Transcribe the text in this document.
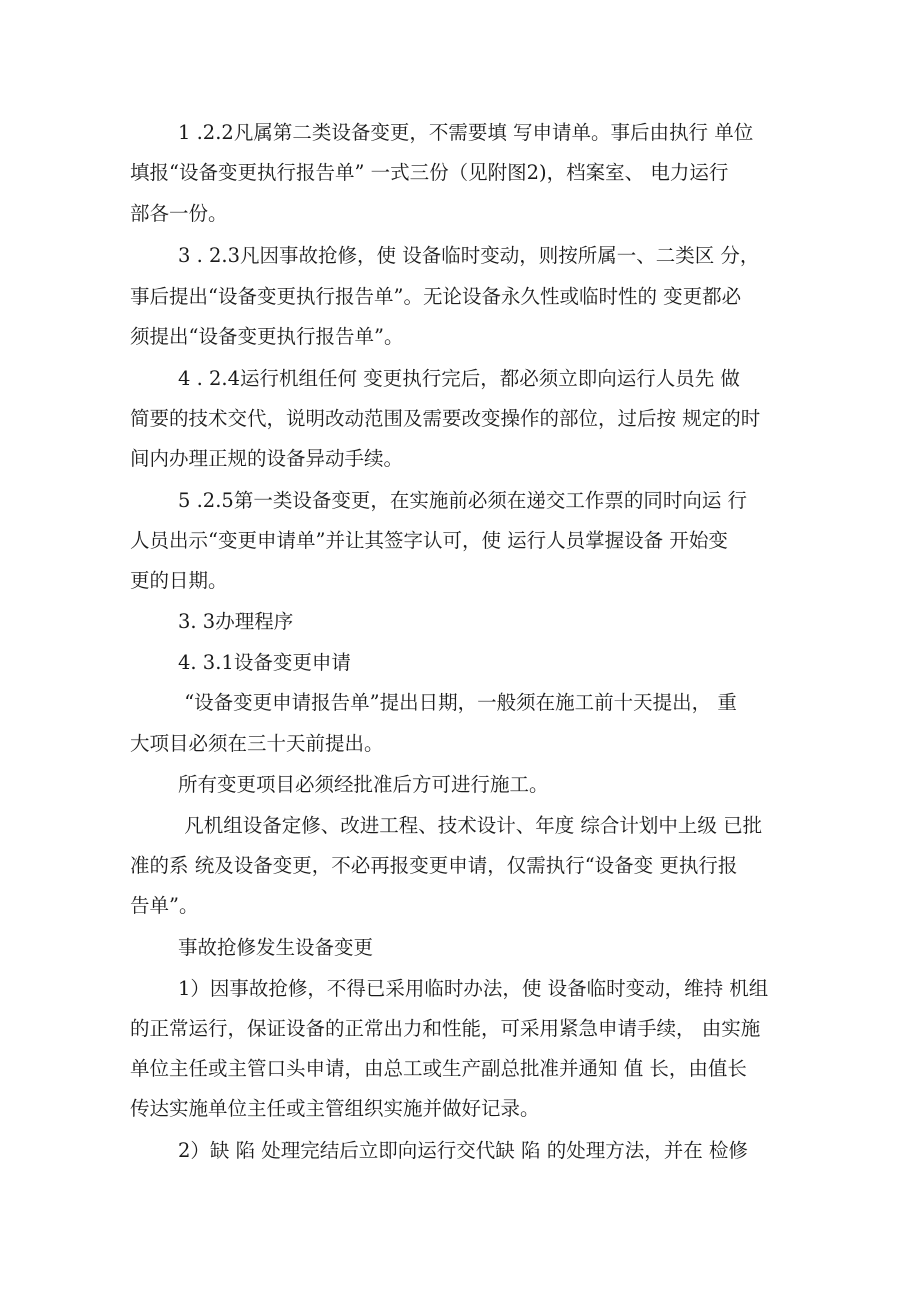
1 .2.2凡属第二类设备变更，不需要填 写申请单。事后由执行 单位
填报“设备变更执行报告单” 一式三份（见附图2)，档案室、 电力运行
部各一份。
3 . 2.3凡因事故抢修，使 设备临时变动，则按所属一、二类区 分，
事后提出“设备变更执行报告单”。无论设备永久性或临时性的 变更都必
须提出“设备变更执行报告单”。
4 . 2.4运行机组任何 变更执行完后，都必须立即向运行人员先 做
简要的技术交代，说明改动范围及需要改变操作的部位，过后按 规定的时
间内办理正规的设备异动手续。
5 .2.5第一类设备变更，在实施前必须在递交工作票的同时向运 行
人员出示“变更申请单”并让其签字认可，使 运行人员掌握设备 开始变
更的日期。
3. 3办理程序
4. 3.1设备变更申请
“设备变更申请报告单”提出日期，一般须在施工前十天提出， 重
大项目必须在三十天前提出。
所有变更项目必须经批准后方可进行施工。
凡机组设备定修、改进工程、技术设计、年度 综合计划中上级 已批
准的系 统及设备变更，不必再报变更申请，仅需执行“设备变 更执行报
告单”。
事故抢修发生设备变更
1）因事故抢修，不得已采用临时办法，使 设备临时变动，维持 机组
的正常运行，保证设备的正常出力和性能，可采用紧急申请手续， 由实施
单位主任或主管口头申请，由总工或生产副总批准并通知 值 长，由值长
传达实施单位主任或主管组织实施并做好记录。
2）缺 陷 处理完结后立即向运行交代缺 陷 的处理方法，并在 检修
